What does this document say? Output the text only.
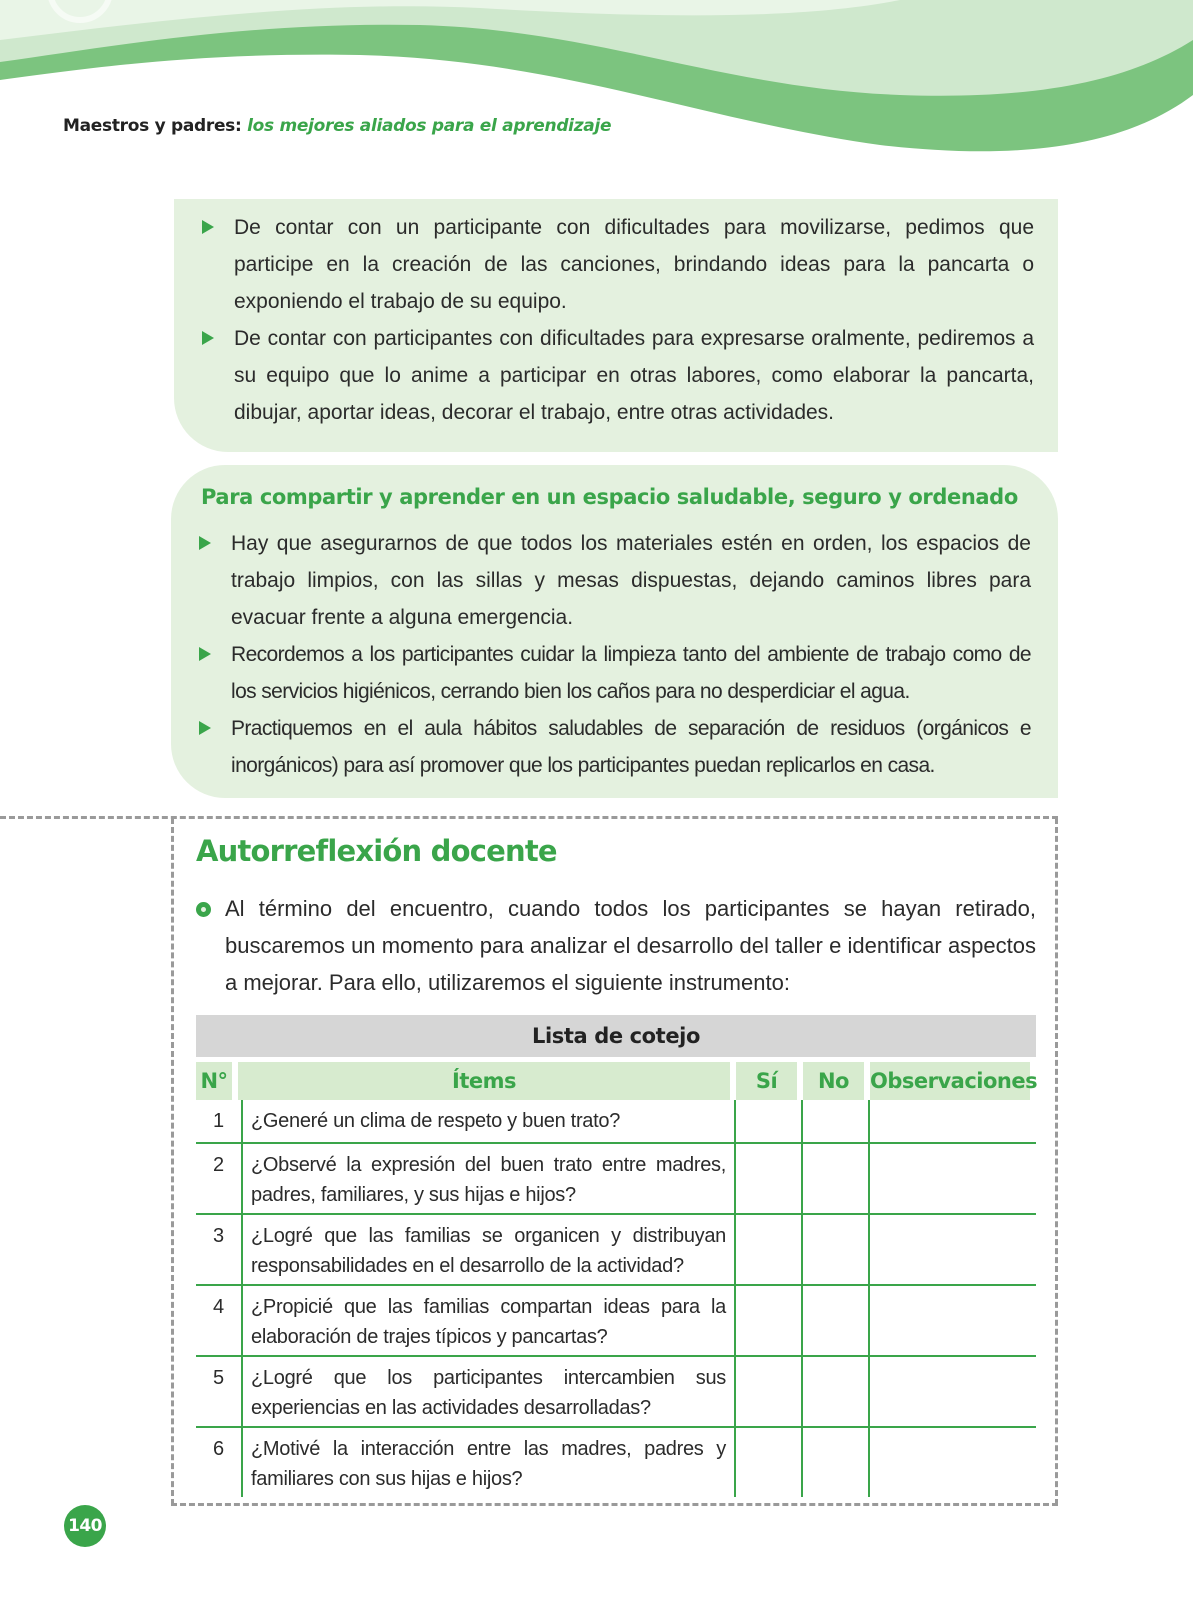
Maestros y padres: los mejores aliados para el aprendizaje
De contar con un participante con dificultades para movilizarse, pedimos que participe en la creación de las canciones, brindando ideas para la pancarta o exponiendo el trabajo de su equipo.
De contar con participantes con dificultades para expresarse oralmente, pediremos a su equipo que lo anime a participar en otras labores, como elaborar la pancarta, dibujar, aportar ideas, decorar el trabajo, entre otras actividades.
Para compartir y aprender en un espacio saludable, seguro y ordenado
Hay que asegurarnos de que todos los materiales estén en orden, los espacios de trabajo limpios, con las sillas y mesas dispuestas, dejando caminos libres para evacuar frente a alguna emergencia.
Recordemos a los participantes cuidar la limpieza tanto del ambiente de trabajo como de los servicios higiénicos, cerrando bien los caños para no desperdiciar el agua.
Practiquemos en el aula hábitos saludables de separación de residuos (orgánicos e inorgánicos) para así promover que los participantes puedan replicarlos en casa.
Autorreflexión docente

Al término del encuentro, cuando todos los participantes se hayan retirado, buscaremos un momento para analizar el desarrollo del taller e identificar aspectos a mejorar. Para ello, utilizaremos el siguiente instrumento:

Lista de cotejo
N°	Ítems	Sí	No	Observaciones
1	¿Generé un clima de respeto y buen trato?
2	¿Observé la expresión del buen trato entre madres, padres, familiares, y sus hijas e hijos?
3	¿Logré que las familias se organicen y distribuyan responsabilidades en el desarrollo de la actividad?
4	¿Propicié que las familias compartan ideas para la elaboración de trajes típicos y pancartas?
5	¿Logré que los participantes intercambien sus experiencias en las actividades desarrolladas?
6	¿Motivé la interacción entre las madres, padres y familiares con sus hijas e hijos?
140
